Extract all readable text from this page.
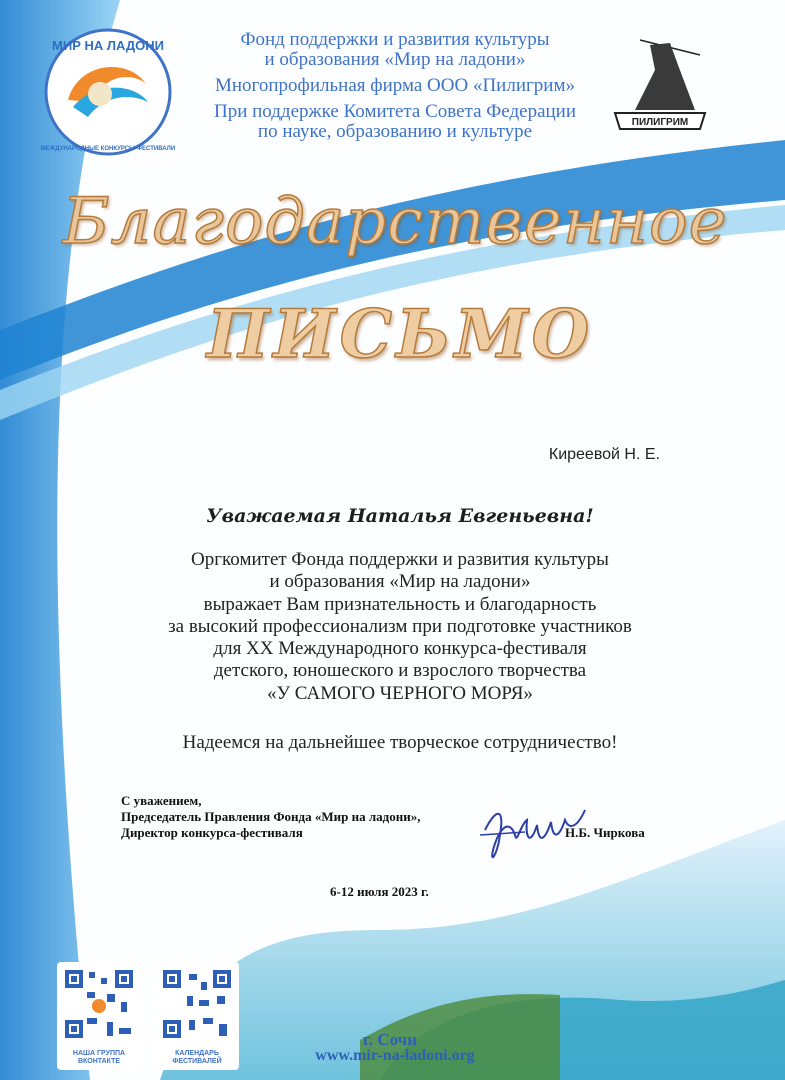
МИР НА ЛАДОНИ
МЕЖДУНАРОДНЫЕ КОНКУРСЫ-ФЕСТИВАЛИ
ПИЛИГРИМ
Фонд поддержки и развития культуры
и образования «Мир на ладони»
Многопрофильная фирма ООО «Пилигрим»
При поддержке Комитета Совета Федерации
по науке, образованию и культуре
Благодарственное
ПИСЬМО
Киреевой Н. Е.
Уважаемая Наталья Евгеньевна!
Оргкомитет Фонда поддержки и развития культуры
и образования «Мир на ладони»
выражает Вам признательность и благодарность
за высокий профессионализм при подготовке участников
для XX Международного конкурса-фестиваля
детского, юношеского и взрослого творчества
«У САМОГО ЧЕРНОГО МОРЯ»
Надеемся на дальнейшее творческое сотрудничество!
С уважением,
Председатель Правления Фонда «Мир на ладони»,
Директор конкурса-фестиваля	Н.Б. Чиркова
6-12 июля 2023 г.
НАША ГРУППА
ВКОНТАКТЕ
КАЛЕНДАРЬ
ФЕСТИВАЛЕЙ
г. Сочи
www.mir-na-ladoni.org
